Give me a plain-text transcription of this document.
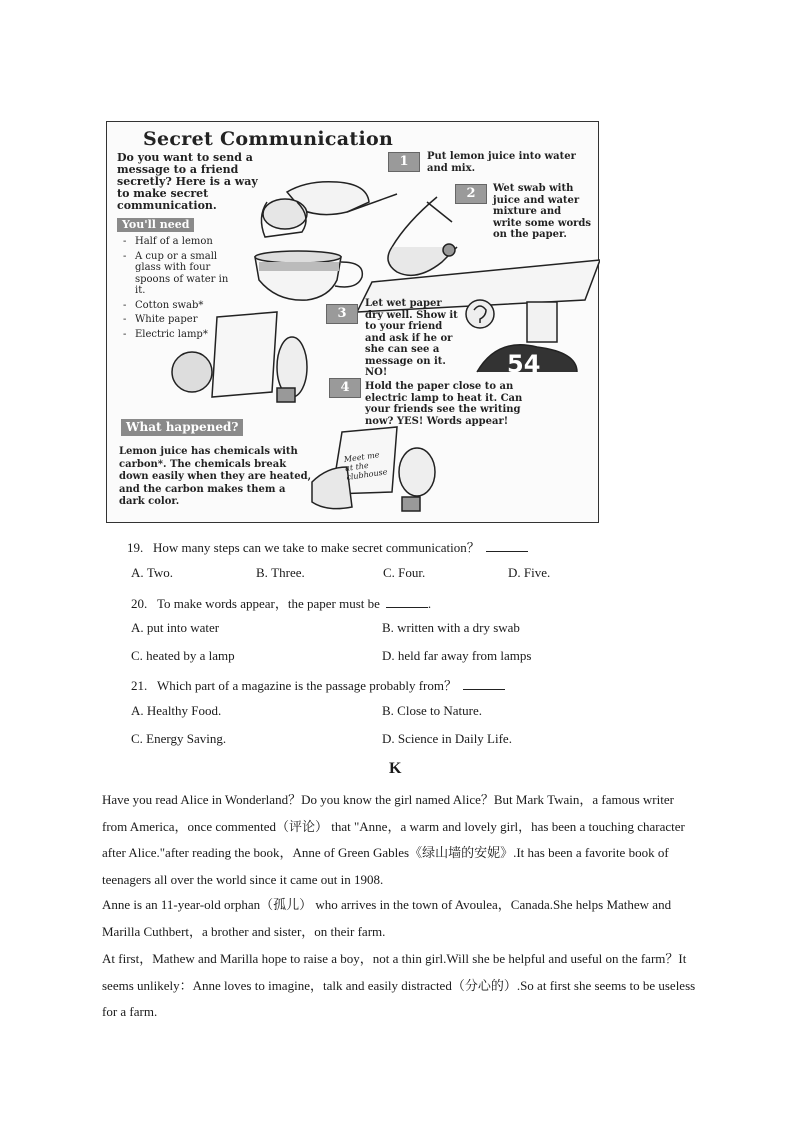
54
Secret Communication
Do you want to send a message to a friend secretly? Here is a way to make secret communication.
You'll need
- Half of a lemon
- A cup or a small glass with four spoons of water in it.
- Cotton swab*
- White paper
- Electric lamp*
1	Put lemon juice into water and mix.
2	Wet swab with juice and water mixture and write some words on the paper.
3
Let wet paper dry well. Show it to your friend and ask if he or she can see a message on it. NO!
4	Hold the paper close to an electric lamp to heat it. Can your friends see the writing now? YES! Words appear!
What happened?
Lemon juice has chemicals with carbon*. The chemicals break down easily when they are heated, and the carbon makes them a dark color.
Meet me at the clubhouse
19.   How many steps can we take to make secret communication？
A. Two.	B. Three.	C. Four.	D. Five.
20.   To make words appear，the paper must be	.
A. put into water	B. written with a dry swab
C. heated by a lamp	D. held far away from lamps
21.   Which part of a magazine is the passage probably from？
A. Healthy Food.	B. Close to Nature.
C. Energy Saving.	D. Science in Daily Life.
K
Have you read Alice in Wonderland？Do you know the girl named Alice？But Mark Twain，a famous writer from America，once commented（评论） that "Anne，a warm and lovely girl，has been a touching character after Alice."after reading the book，Anne of Green Gables《绿山墙的安妮》.It has been a favorite book of teenagers all over the world since it came out in 1908.
Anne is an 11-year-old orphan（孤儿） who arrives in the town of Avoulea，Canada.She helps Mathew and Marilla Cuthbert，a brother and sister，on their farm.
At first，Mathew and Marilla hope to raise a boy，not a thin girl.Will she be helpful and useful on the farm？It seems unlikely：Anne loves to imagine，talk and easily distracted（分心的）.So at first she seems to be useless for a farm.
